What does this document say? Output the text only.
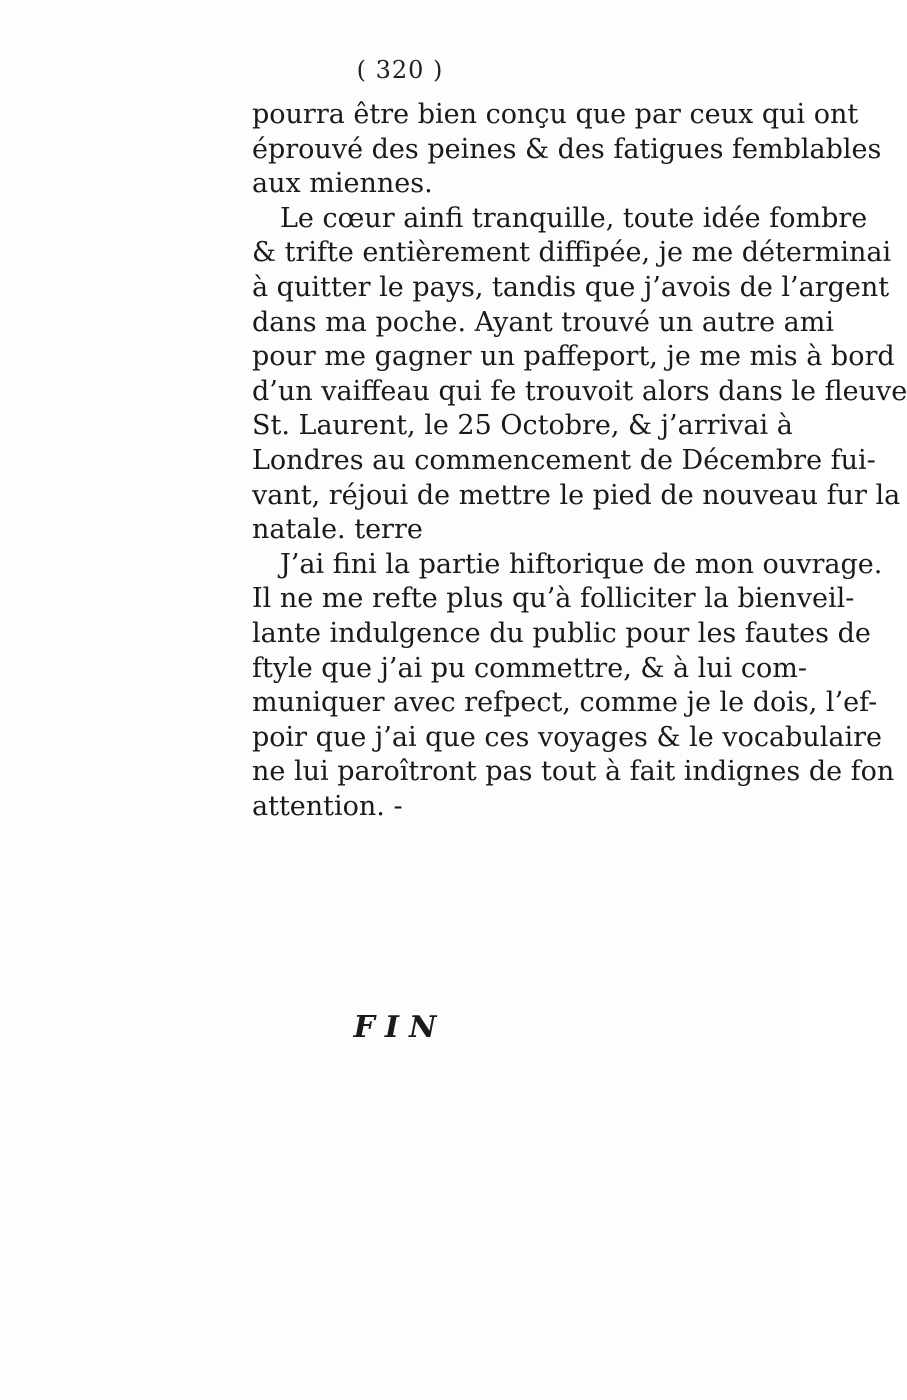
( 320 )
pourra être bien conçu que par ceux qui ont
éprouvé des peines & des fatigues femblables
aux miennes.
Le cœur ainfi tranquille, toute idée fombre
& trifte entièrement diffipée, je me déterminai
à quitter le pays, tandis que j’avois de l’argent
dans ma poche. Ayant trouvé un autre ami
pour me gagner un paffeport, je me mis à bord
d’un vaiffeau qui fe trouvoit alors dans le fleuve
St. Laurent, le 25 Octobre, & j’arrivai à
Londres au commencement de Décembre fui-
vant, réjoui de mettre le pied de nouveau fur la
natale. terre
J’ai fini la partie hiftorique de mon ouvrage.
Il ne me refte plus qu’à folliciter la bienveil-
lante indulgence du public pour les fautes de
ftyle que j’ai pu commettre, & à lui com-
muniquer avec refpect, comme je le dois, l’ef-
poir que j’ai que ces voyages & le vocabulaire
ne lui paroîtront pas tout à fait indignes de fon
attention. -
FIN
